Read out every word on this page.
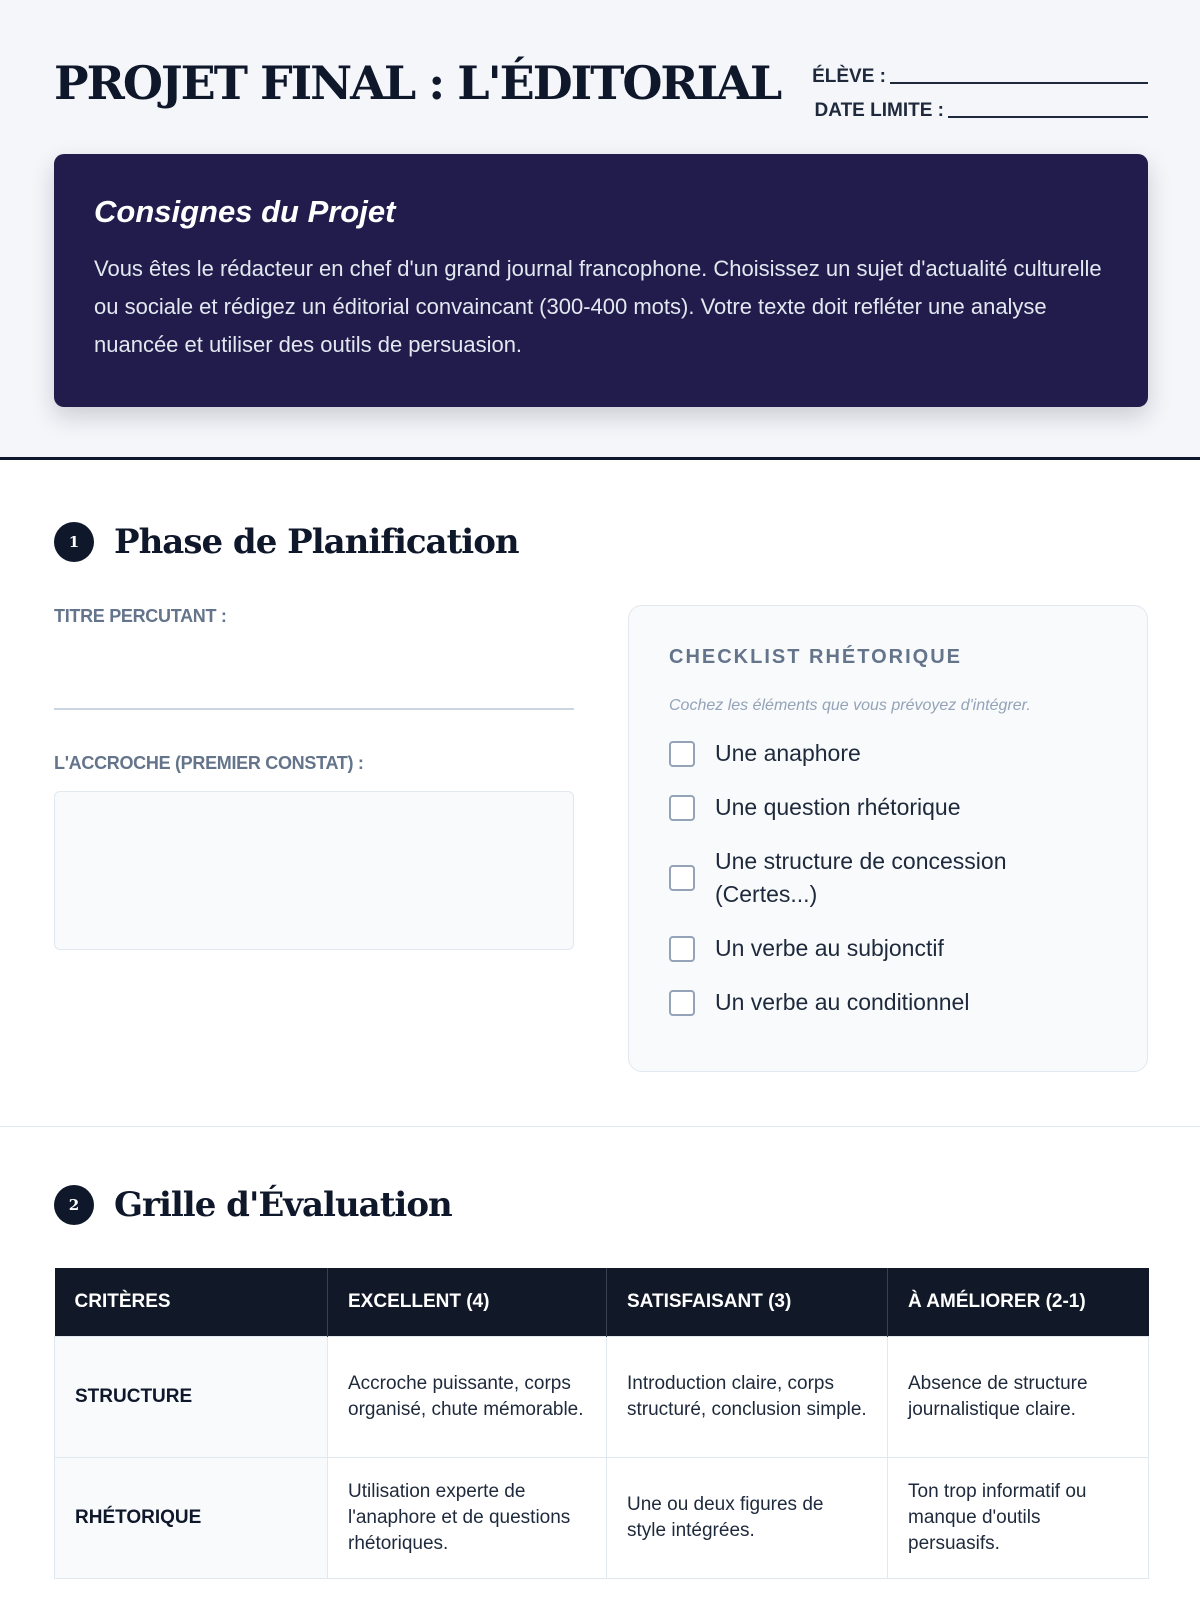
PROJET FINAL : L'ÉDITORIAL ÉLÈVE :
DATE LIMITE :
Consignes du Projet

Vous êtes le rédacteur en chef d'un grand journal francophone. Choisissez un sujet d'actualité culturelle ou sociale et rédigez un éditorial convaincant (300-400 mots). Votre texte doit refléter une analyse nuancée et utiliser des outils de persuasion.

1	Phase de Planification
TITRE PERCUTANT :
L'ACCROCHE (PREMIER CONSTAT) :
CHECKLIST RHÉTORIQUE
Cochez les éléments que vous prévoyez d'intégrer.
Une anaphore
Une question rhétorique
Une structure de concession (Certes...)
Un verbe au subjonctif
Un verbe au conditionnel
2	Grille d'Évaluation
CRITÈRES	EXCELLENT (4)	SATISFAISANT (3)	À AMÉLIORER (2-1)
STRUCTURE	Accroche puissante, corps organisé, chute mémorable.	Introduction claire, corps structuré, conclusion simple.	Absence de structure journalistique claire.
RHÉTORIQUE	Utilisation experte de l'anaphore et de questions rhétoriques.	Une ou deux figures de style intégrées.	Ton trop informatif ou manque d'outils persuasifs.
